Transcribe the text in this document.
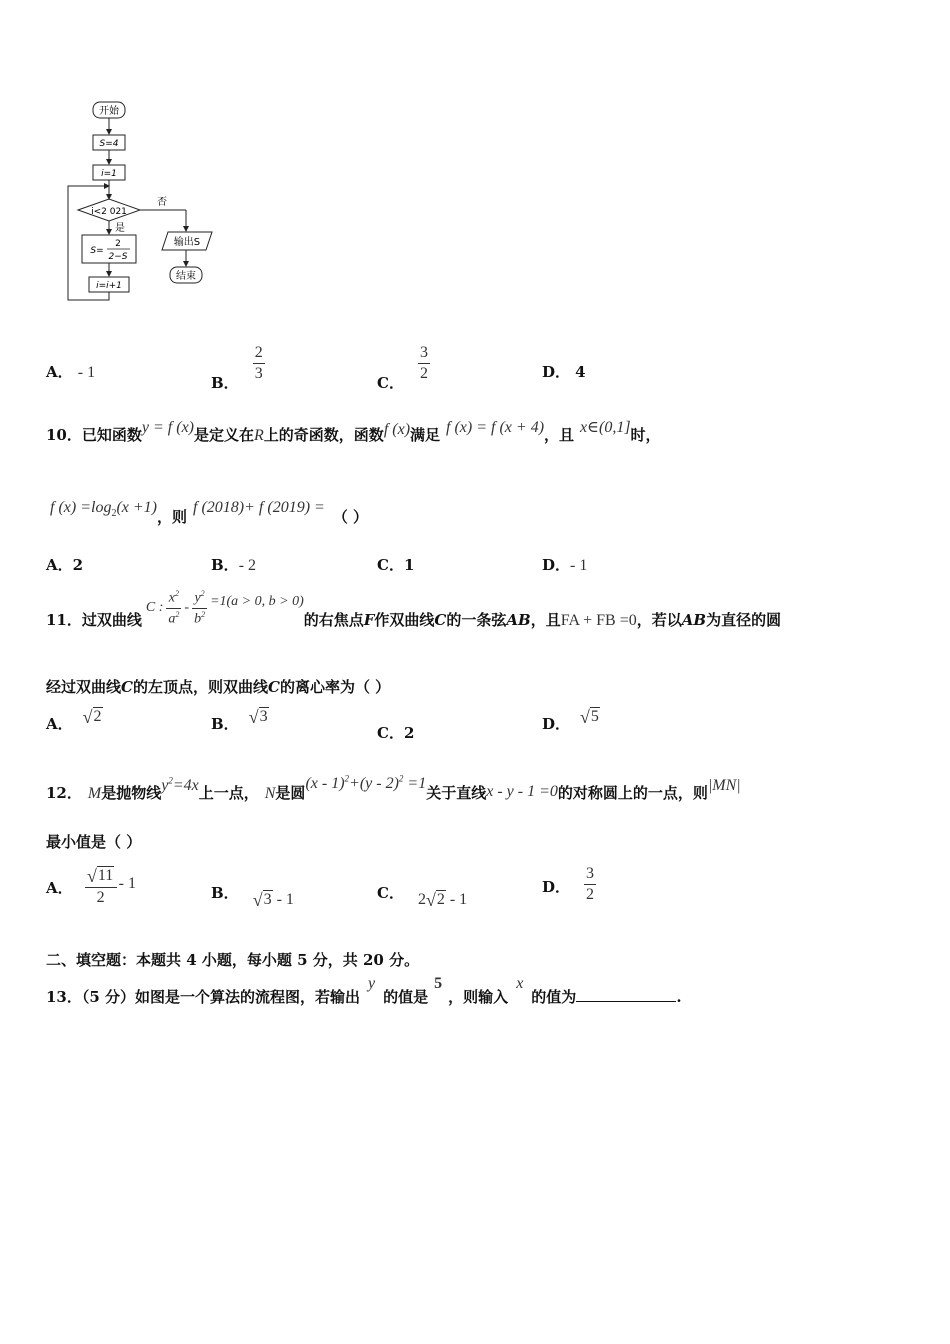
开始
S=4
i=1
i<2 021
否
输出S
结束
是
S=
2
2−S
i=i+1
A． - 1
B．
$\frac{2}{3}$
C．
$\frac{3}{2}$	D． 4
10．已知函数y = f (x)是定义在R上的奇函数，函数f (x)满足 f (x) = f (x + 4)，且 x∈(0,1]时，
f $(x) =\log_2(x +1)$，则f (2018)+ f (2019) =（ ）
A．2	B．- 2	C．1	D．- 1
11． 过双曲线
C : $\frac{x^2}{a^2} - \frac{y^2}{b^2} =1(a > 0$, b > 0)
的右焦点F作双曲线C的一条弦AB，且FA + FB =0，若以AB为直径的圆
经过双曲线C的左顶点，则双曲线C的离心率为（ ）
A． √ 2	B． √ 3
C．2	D． √ 5
12． M是抛物线$y^2=4x$上一点， N是圆(x - 1)$^2$+(y - 2)$^2$ =1关于直线x - y - 1 =0的对称圆上的一点，则|MN|
最小值是（ ）
A． $\frac{√ 11}{2} - 1$
B． √ 3 - 1	C． 2 √ 2 - 1
D． $\frac{3}{2}$
二、填空题：本题共 4 小题，每小题 5 分，共 20 分。
13．（5 分）如图是一个算法的流程图，若输出y的值是5，则输入x的值为	.
